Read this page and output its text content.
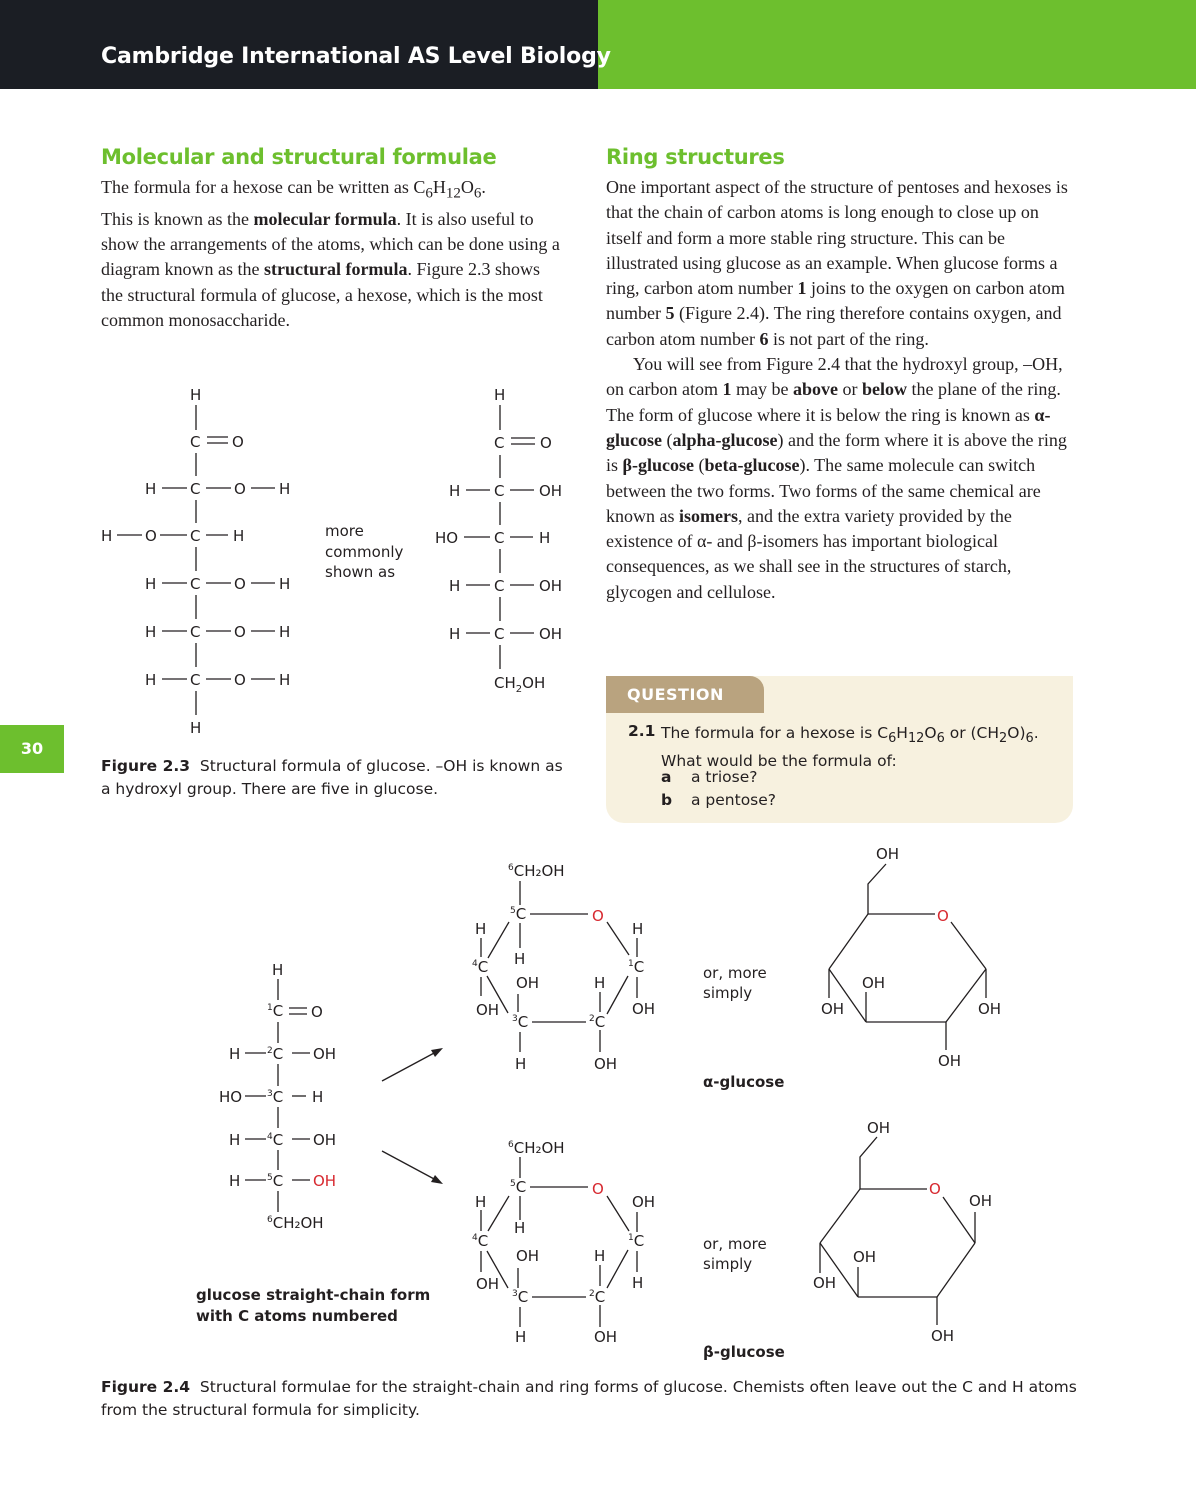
Cambridge International AS Level Biology
30
Molecular and structural formulae

The formula for a hexose can be written as $C_6H_{12}O_6$.
This is known as the molecular formula. It is also useful to show the arrangements of the atoms, which can be done using a diagram known as the structural formula. Figure 2.3 shows the structural formula of glucose, a hexose, which is the most common monosaccharide.

Ring structures

One important aspect of the structure of pentoses and hexoses is that the chain of carbon atoms is long enough to close up on itself and form a more stable ring structure. This can be illustrated using glucose as an example. When glucose forms a ring, carbon atom number 1 joins to the oxygen on carbon atom number 5 (Figure 2.4). The ring therefore contains oxygen, and carbon atom number 6 is not part of the ring.

You will see from Figure 2.4 that the hydroxyl group, –OH, on carbon atom 1 may be above or below the plane of the ring. The form of glucose where it is below the ring is known as α-glucose (alpha-glucose) and the form where it is above the ring is β-glucose (beta-glucose). The same molecule can switch between the two forms. Two forms of the same chemical are known as isomers, and the extra variety provided by the existence of α- and β-isomers has important biological consequences, as we shall see in the structures of starch, glycogen and cellulose.

QUESTION
2.1 The formula for a hexose is $C_6H_{12}O_6$ or $(CH_2O)_6$. What would be the formula of:
a a triose?
b a pentose?
Figure 2.3 Structural formula of glucose. –OH is known as a hydroxyl group. There are five in glucose.
Figure 2.4 Structural formulae for the straight-chain and ring forms of glucose. Chemists often leave out the C and H atoms from the structural formula for simplicity.
H
C O
H C O H
H O C H
H C O H
H C O H
H C O H
H
more
commonly
shown as
H
C O
H C OH
HO C H
H C OH
H C OH
$CH_2OH$
H
$^1$C O
H	$^2$C OH
HO	$^3$C H
H	$^4$C OH
H	$^5$C OH
$^6$CH₂OH
glucose straight-chain form
with C atoms numbered
$^6$CH₂OH
$^5$C	O
H
H
H
$^4$C	$^1$C
OH	H
OH	OH
$^3$C	$^2$C
H	OH
$^6$CH₂OH
$^5$C	O
OH
H
H
$^4$C	$^1$C
OH	H
OH	H
$^3$C	$^2$C
H	OH
or, more
simply
α-glucose
or, more
simply
β-glucose
OH
O
OH
OH	OH
OH
OH
O
OH
OH
OH
OH
